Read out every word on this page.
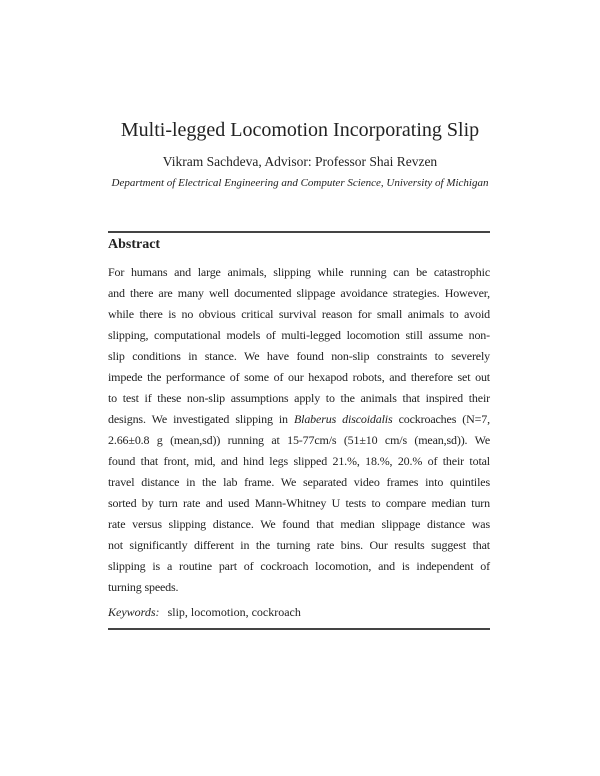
Multi-legged Locomotion Incorporating Slip
Vikram Sachdeva, Advisor: Professor Shai Revzen
Department of Electrical Engineering and Computer Science, University of Michigan
Abstract
For humans and large animals, slipping while running can be catastrophic
and there are many well documented slippage avoidance strategies. However,
while there is no obvious critical survival reason for small animals to avoid
slipping, computational models of multi-legged locomotion still assume non-
slip conditions in stance. We have found non-slip constraints to severely
impede the performance of some of our hexapod robots, and therefore set out
to test if these non-slip assumptions apply to the animals that inspired their
designs. We investigated slipping in Blaberus discoidalis cockroaches (N=7,
2.66±0.8 g (mean,sd)) running at 15-77cm/s (51±10 cm/s (mean,sd)). We
found that front, mid, and hind legs slipped 21.%, 18.%, 20.% of their total
travel distance in the lab frame. We separated video frames into quintiles
sorted by turn rate and used Mann-Whitney U tests to compare median turn
rate versus slipping distance. We found that median slippage distance was
not significantly different in the turning rate bins. Our results suggest that
slipping is a routine part of cockroach locomotion, and is independent of
turning speeds.
Keywords: slip, locomotion, cockroach
